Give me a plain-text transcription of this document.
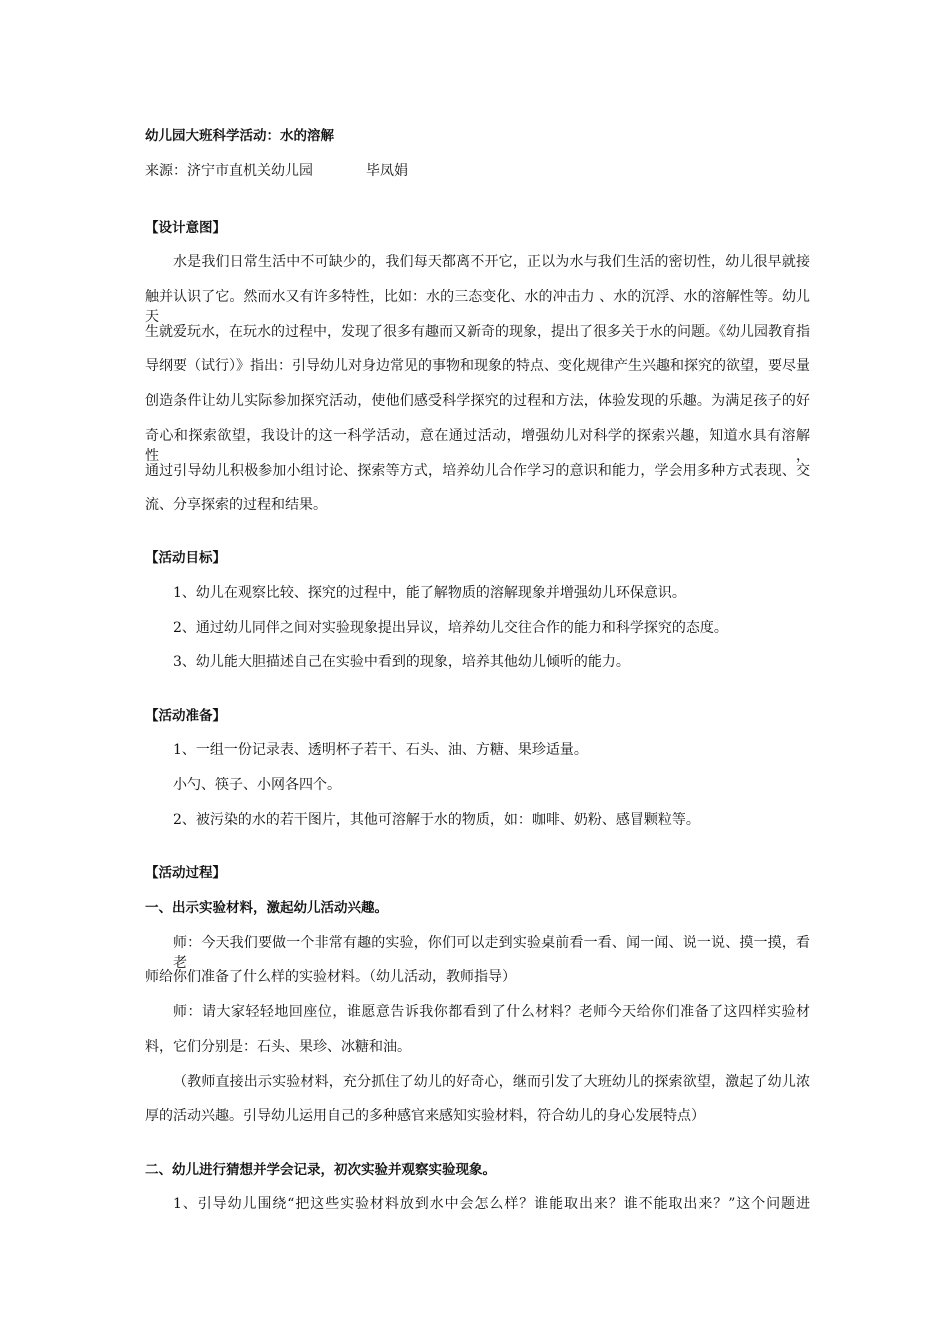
幼儿园大班科学活动：水的溶解
来源：济宁市直机关幼儿园	毕凤娟
【设计意图】
水是我们日常生活中不可缺少的，我们每天都离不开它，正以为水与我们生活的密切性，幼儿很早就接
触并认识了它。然而水又有许多特性，比如：水的三态变化、水的冲击力 、水的沉浮、水的溶解性等。幼儿天
生就爱玩水，在玩水的过程中，发现了很多有趣而又新奇的现象，提出了很多关于水的问题。《幼儿园教育指
导纲要（试行）》指出：引导幼儿对身边常见的事物和现象的特点、变化规律产生兴趣和探究的欲望，要尽量
创造条件让幼儿实际参加探究活动，使他们感受科学探究的过程和方法，体验发现的乐趣。为满足孩子的好
奇心和探索欲望，我设计的这一科学活动，意在通过活动，增强幼儿对科学的探索兴趣，知道水具有溶解性，
通过引导幼儿积极参加小组讨论、探索等方式，培养幼儿合作学习的意识和能力，学会用多种方式表现、交
流、分享探索的过程和结果。
【活动目标】
1、幼儿在观察比较、探究的过程中，能了解物质的溶解现象并增强幼儿环保意识。
2、通过幼儿同伴之间对实验现象提出异议，培养幼儿交往合作的能力和科学探究的态度。
3、幼儿能大胆描述自己在实验中看到的现象，培养其他幼儿倾听的能力。
【活动准备】
1、一组一份记录表、透明杯子若干、石头、油、方糖、果珍适量。
小勺、筷子、小网各四个。
2、被污染的水的若干图片，其他可溶解于水的物质，如：咖啡、奶粉、感冒颗粒等。
【活动过程】
一、出示实验材料，激起幼儿活动兴趣。
师：今天我们要做一个非常有趣的实验，你们可以走到实验桌前看一看、闻一闻、说一说、摸一摸，看老
师给你们准备了什么样的实验材料。（幼儿活动，教师指导）
师：请大家轻轻地回座位，谁愿意告诉我你都看到了什么材料？老师今天给你们准备了这四样实验材
料，它们分别是：石头、果珍、冰糖和油。
（教师直接出示实验材料，充分抓住了幼儿的好奇心，继而引发了大班幼儿的探索欲望，激起了幼儿浓
厚的活动兴趣。引导幼儿运用自己的多种感官来感知实验材料，符合幼儿的身心发展特点）
二、幼儿进行猜想并学会记录，初次实验并观察实验现象。
1、引导幼儿围绕“把这些实验材料放到水中会怎么样？谁能取出来？谁不能取出来？”这个问题进
